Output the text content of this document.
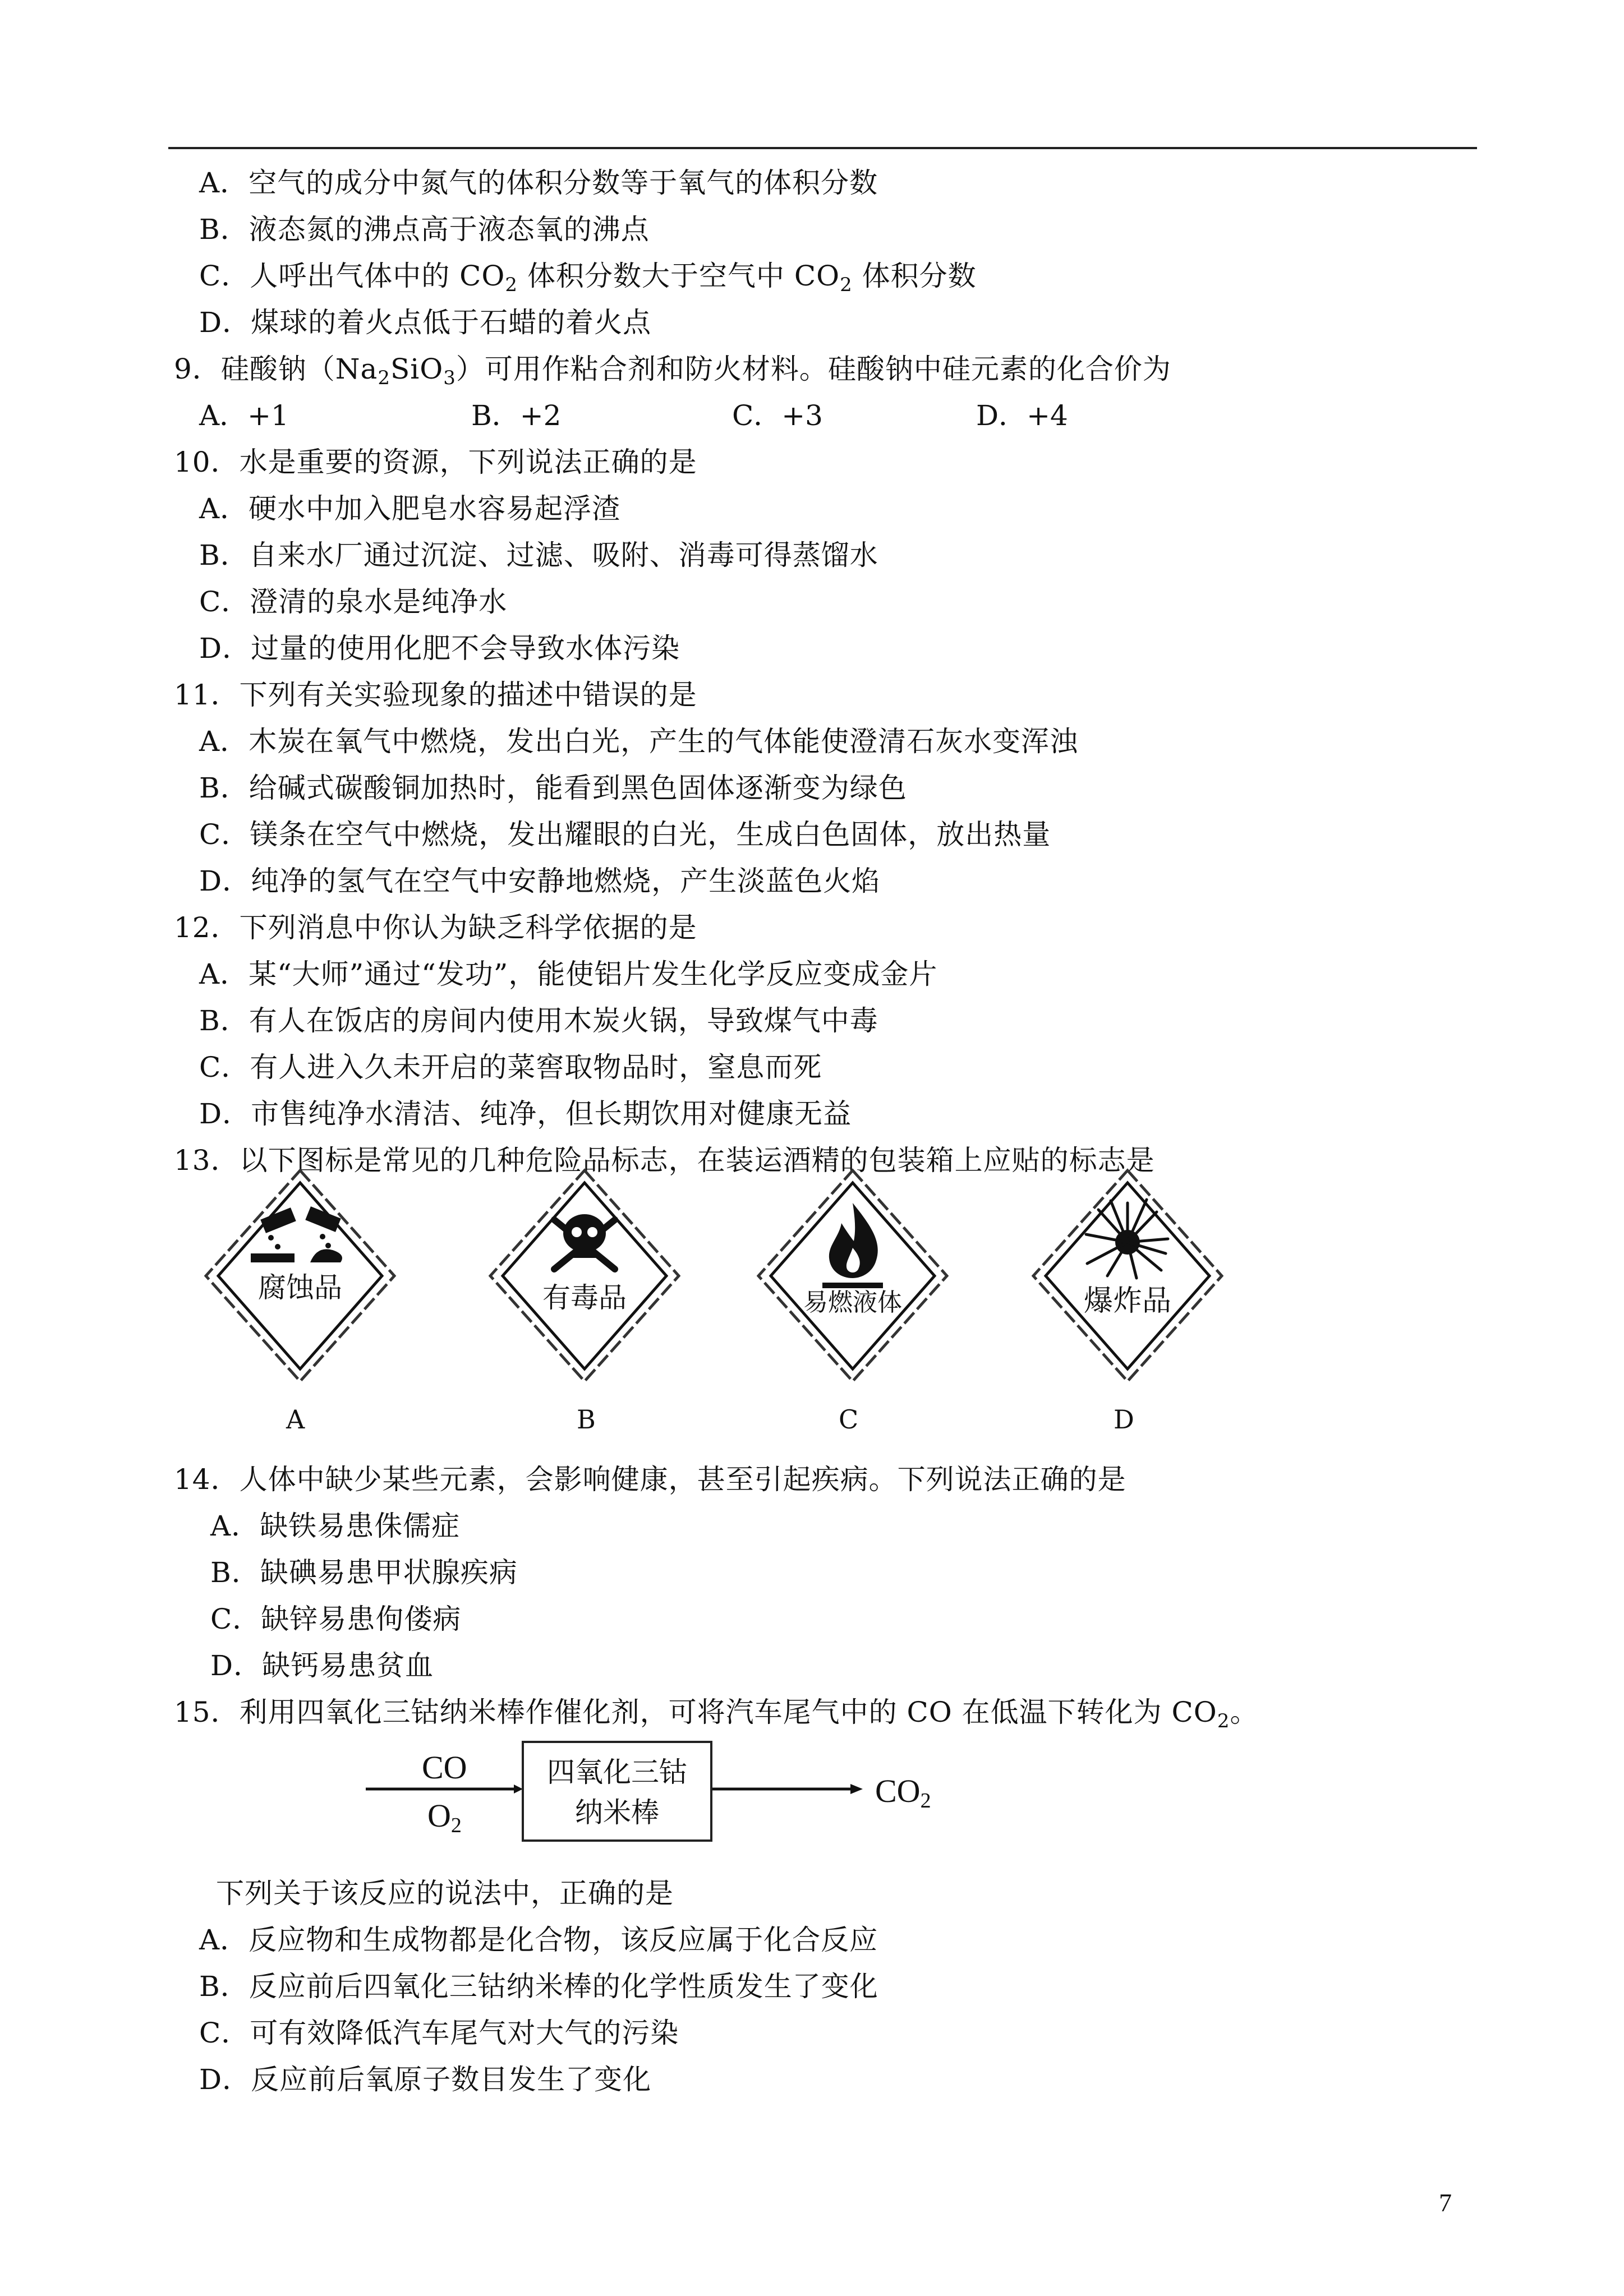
A．空气的成分中氮气的体积分数等于氧气的体积分数
B．液态氮的沸点高于液态氧的沸点
C．人呼出气体中的 $CO_2$ 体积分数大于空气中 $CO_2$ 体积分数
D．煤球的着火点低于石蜡的着火点
9．硅酸钠$(Na_2SiO_3)$可用作粘合剂和防火材料。硅酸钠中硅元素的化合价为
A．+1	B．+2	C．+3	D．+4
10．水是重要的资源，下列说法正确的是
A．硬水中加入肥皂水容易起浮渣
B．自来水厂通过沉淀、过滤、吸附、消毒可得蒸馏水
C．澄清的泉水是纯净水
D．过量的使用化肥不会导致水体污染
11．下列有关实验现象的描述中错误的是
A．木炭在氧气中燃烧，发出白光，产生的气体能使澄清石灰水变浑浊
B．给碱式碳酸铜加热时，能看到黑色固体逐渐变为绿色
C．镁条在空气中燃烧，发出耀眼的白光，生成白色固体，放出热量
D．纯净的氢气在空气中安静地燃烧，产生淡蓝色火焰
12．下列消息中你认为缺乏科学依据的是
A．某“大师”通过“发功”，能使铝片发生化学反应变成金片
B．有人在饭店的房间内使用木炭火锅，导致煤气中毒
C．有人进入久未开启的菜窖取物品时，窒息而死
D．市售纯净水清洁、纯净，但长期饮用对健康无益
13．以下图标是常见的几种危险品标志，在装运酒精的包装箱上应贴的标志是
腐蚀品
A
有毒品
B
易燃液体
C
爆炸品
D
14．人体中缺少某些元素，会影响健康，甚至引起疾病。下列说法正确的是
A．缺铁易患侏儒症
B．缺碘易患甲状腺疾病
C．缺锌易患佝偻病
D．缺钙易患贫血
15．利用四氧化三钴纳米棒作催化剂，可将汽车尾气中的 CO 在低温下转化为 $CO_2$。
CO
$O_2$
四氧化三钴
纳米棒
$CO_2$
下列关于该反应的说法中，正确的是
A．反应物和生成物都是化合物，该反应属于化合反应
B．反应前后四氧化三钴纳米棒的化学性质发生了变化
C．可有效降低汽车尾气对大气的污染
D．反应前后氧原子数目发生了变化
7
